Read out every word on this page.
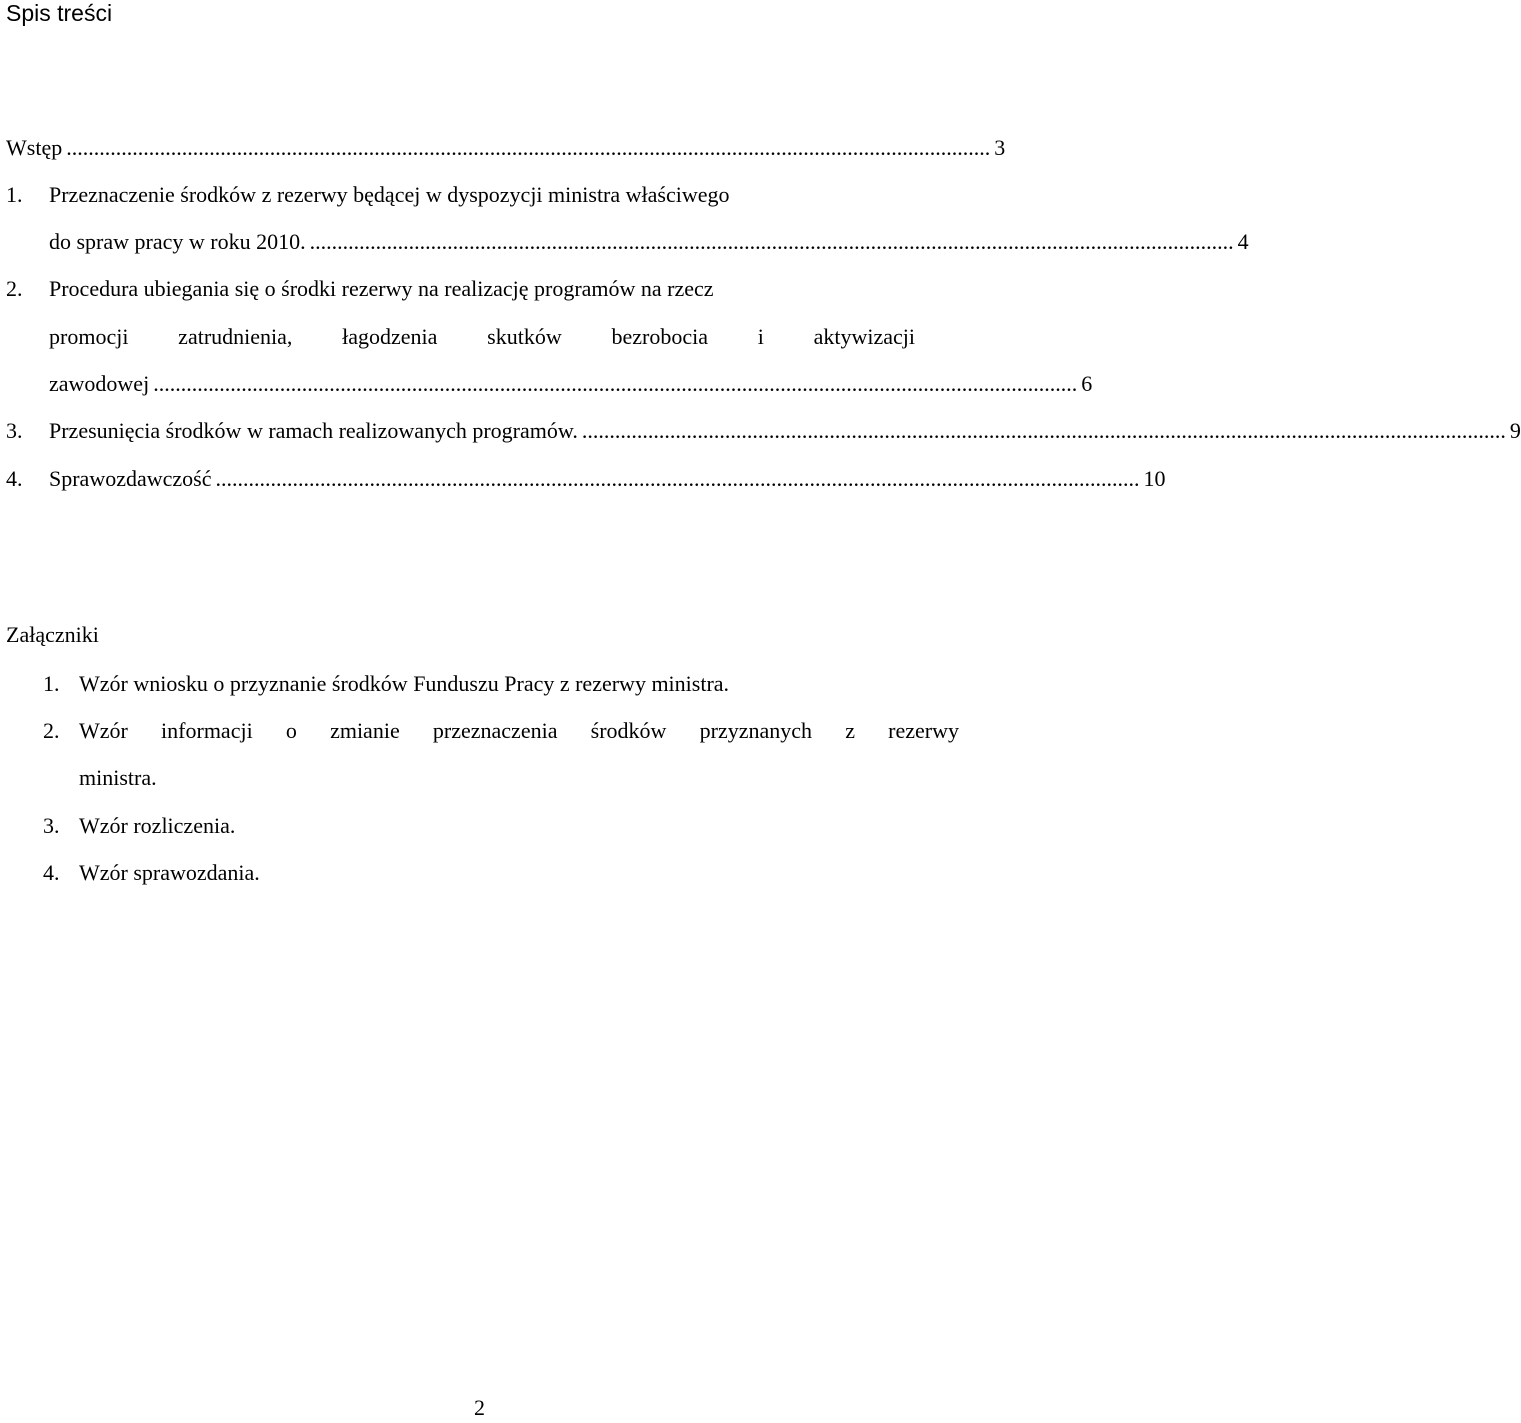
Spis treści
Wstęp ........................................................................................................................................................................ 3
1. Przeznaczenie środków z rezerwy będącej w dyspozycji ministra właściwego
do spraw pracy w roku 2010. ........................................................................................................................................................................ 4
2. Procedura ubiegania się o środki rezerwy na realizację programów na rzecz
promocji zatrudnienia, łagodzenia skutków bezrobocia i aktywizacji
zawodowej ........................................................................................................................................................................ 6
3. Przesunięcia środków w ramach realizowanych programów. ........................................................................................................................................................................ 9
4. Sprawozdawczość ........................................................................................................................................................................ 10
Załączniki
1. Wzór wniosku o przyznanie środków Funduszu Pracy z rezerwy ministra.
2. Wzór informacji o zmianie przeznaczenia środków przyznanych z rezerwy
ministra.
3. Wzór rozliczenia.
4. Wzór sprawozdania.
2
